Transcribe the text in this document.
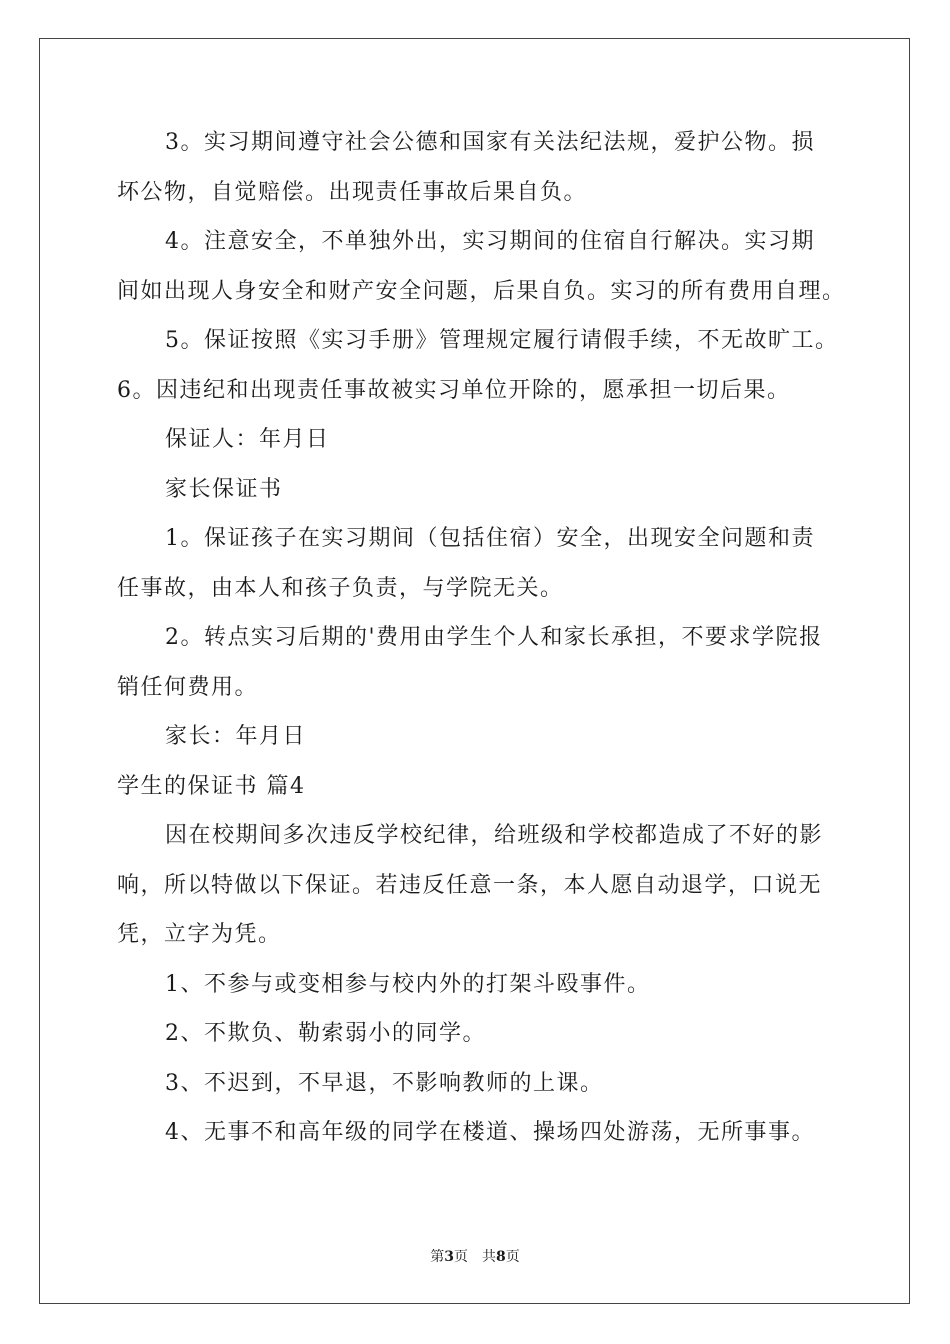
3。实习期间遵守社会公德和国家有关法纪法规，爱护公物。损
坏公物，自觉赔偿。出现责任事故后果自负。
4。注意安全，不单独外出，实习期间的住宿自行解决。实习期
间如出现人身安全和财产安全问题，后果自负。实习的所有费用自理。
5。保证按照《实习手册》管理规定履行请假手续，不无故旷工。
6。因违纪和出现责任事故被实习单位开除的，愿承担一切后果。
保证人：年月日
家长保证书
1。保证孩子在实习期间（包括住宿）安全，出现安全问题和责
任事故，由本人和孩子负责，与学院无关。
2。转点实习后期的'费用由学生个人和家长承担，不要求学院报
销任何费用。
家长：年月日
学生的保证书 篇4
因在校期间多次违反学校纪律，给班级和学校都造成了不好的影
响，所以特做以下保证。若违反任意一条，本人愿自动退学，口说无
凭，立字为凭。
1、不参与或变相参与校内外的打架斗殴事件。
2、不欺负、勒索弱小的同学。
3、不迟到，不早退，不影响教师的上课。
4、无事不和高年级的同学在楼道、操场四处游荡，无所事事。
第3页 共8页
